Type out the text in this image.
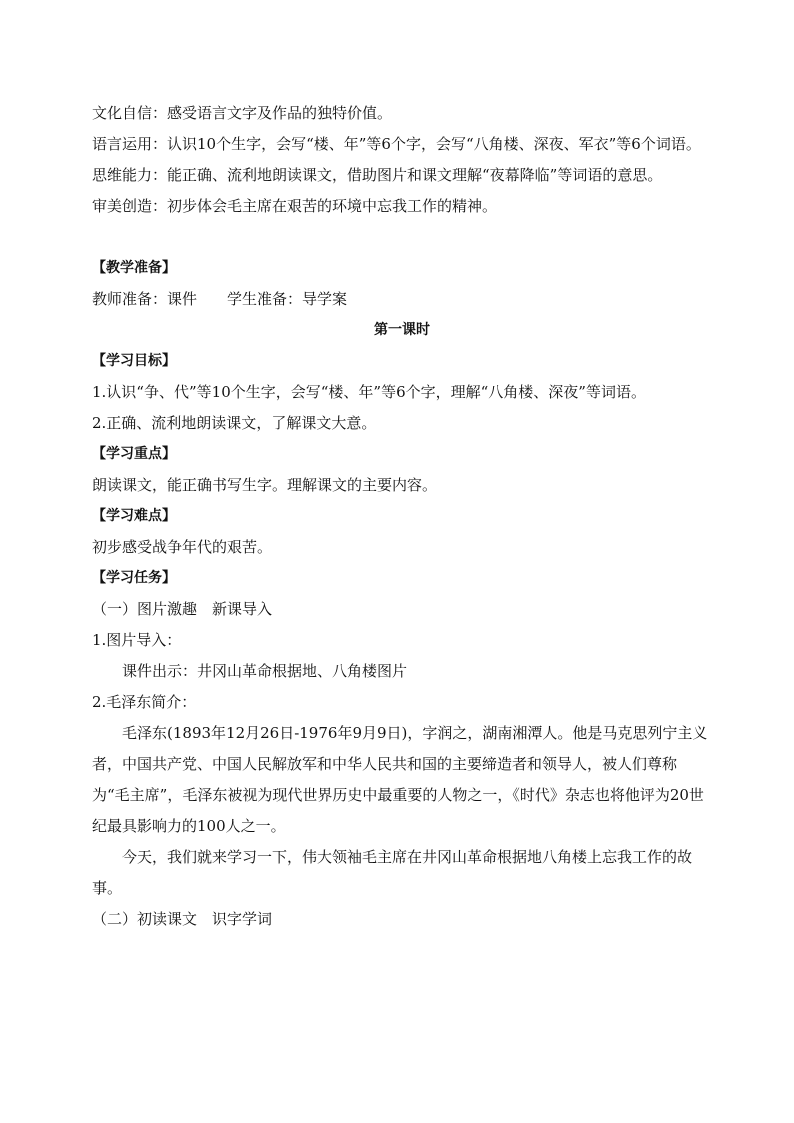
文化自信：感受语言文字及作品的独特价值。
语言运用：认识10个生字，会写“楼、年”等6个字，会写“八角楼、深夜、军衣”等6个词语。
思维能力：能正确、流利地朗读课文，借助图片和课文理解“夜幕降临”等词语的意思。
审美创造：初步体会毛主席在艰苦的环境中忘我工作的精神。
【教学准备】
教师准备：课件　　学生准备：导学案
第一课时
【学习目标】
1.认识“争、代”等10个生字，会写“楼、年”等6个字，理解“八角楼、深夜”等词语。
2.正确、流利地朗读课文，了解课文大意。
【学习重点】
朗读课文，能正确书写生字。理解课文的主要内容。
【学习难点】
初步感受战争年代的艰苦。
【学习任务】
（一）图片激趣　新课导入
1.图片导入：
课件出示：井冈山革命根据地、八角楼图片
2.毛泽东简介：
毛泽东(1893年12月26日-1976年9月9日)，字润之，湖南湘潭人。他是马克思列宁主义者，中国共产党、中国人民解放军和中华人民共和国的主要缔造者和领导人，被人们尊称为“毛主席”，毛泽东被视为现代世界历史中最重要的人物之一，《时代》杂志也将他评为20世纪最具影响力的100人之一。
今天，我们就来学习一下，伟大领袖毛主席在井冈山革命根据地八角楼上忘我工作的故事。
（二）初读课文　识字学词
